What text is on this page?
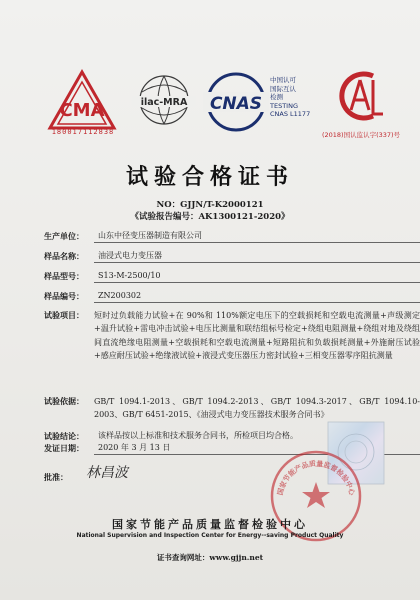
CMA
180017112838
ilac-MRA CNAS
中国认可
国际互认
检测
TESTING
CNAS L1177
(2018)国认监认字(337)号
试验合格证书
NO：GJJN/T-K2000121
《试验报告编号：AK1300121-2020》
生产单位：	山东中径变压器制造有限公司
样品名称：	油浸式电力变压器
样品型号：	S13-M-2500/10
样品编号：	ZN200302
试验项目：	短时过负载能力试验+在 90%和 110%额定电压下的空载损耗和空载电流测量+声级测定+温升试验+雷电冲击试验+电压比测量和联结组标号检定+绕组电阻测量+绕组对地及绕组间直流绝缘电阻测量+空载损耗和空载电流测量+短路阻抗和负载损耗测量+外施耐压试验+感应耐压试验+绝缘液试验+液浸式变压器压力密封试验+三相变压器零序阻抗测量
试验依据：	GB/T 1094.1-2013、GB/T 1094.2-2013、GB/T 1094.3-2017、GB/T 1094.10-2003、GB/T 6451-2015、《油浸式电力变压器技术服务合同书》
试验结论：	该样品按以上标准和技术服务合同书，所检项目均合格。
发证日期：	2020 年 3 月 13 日
批准： 林昌波
国家节能产品质量监督检验中心
国家节能产品质量监督检验中心
National Supervision and Inspection Center for Energy--saving Product Quality
证书查询网址：www.gjjn.net
